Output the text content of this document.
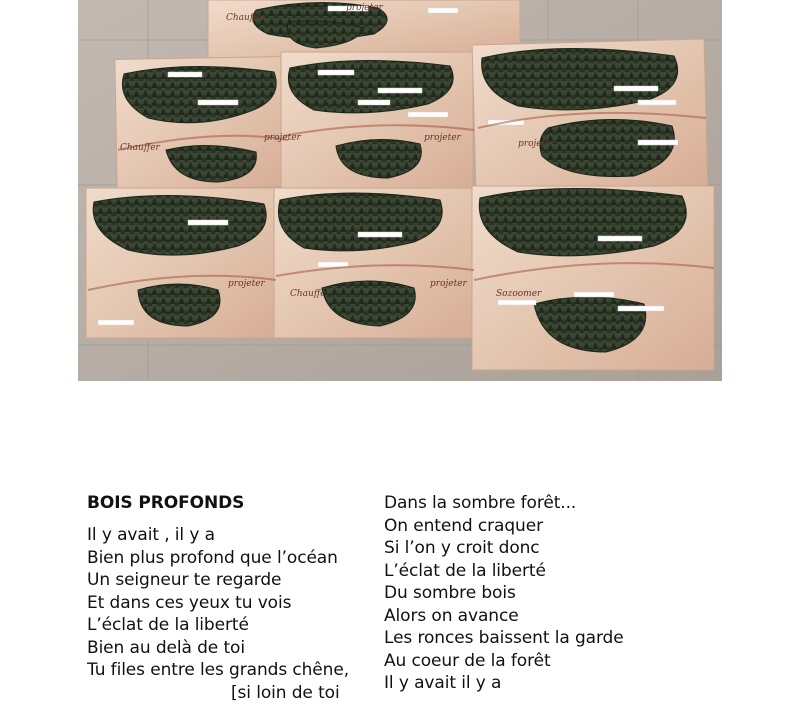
Chauffer
projeter
projeter
Chauffer
projeter
projeter
Chauffer
projeter	projeter
Sozoomer
BOIS PROFONDS
Il y avait , il y a
Bien plus profond que l’océan
Un seigneur te regarde
Et dans ces yeux tu vois
L’éclat de la liberté
Bien au delà de toi
Tu files entre les grands chêne,
[si loin de toi
Dans la sombre forêt...
On entend craquer
Si l’on y croit donc
L’éclat de la liberté
Du sombre bois
Alors on avance
Les ronces baissent la garde
Au coeur de la forêt
Il y avait il y a
